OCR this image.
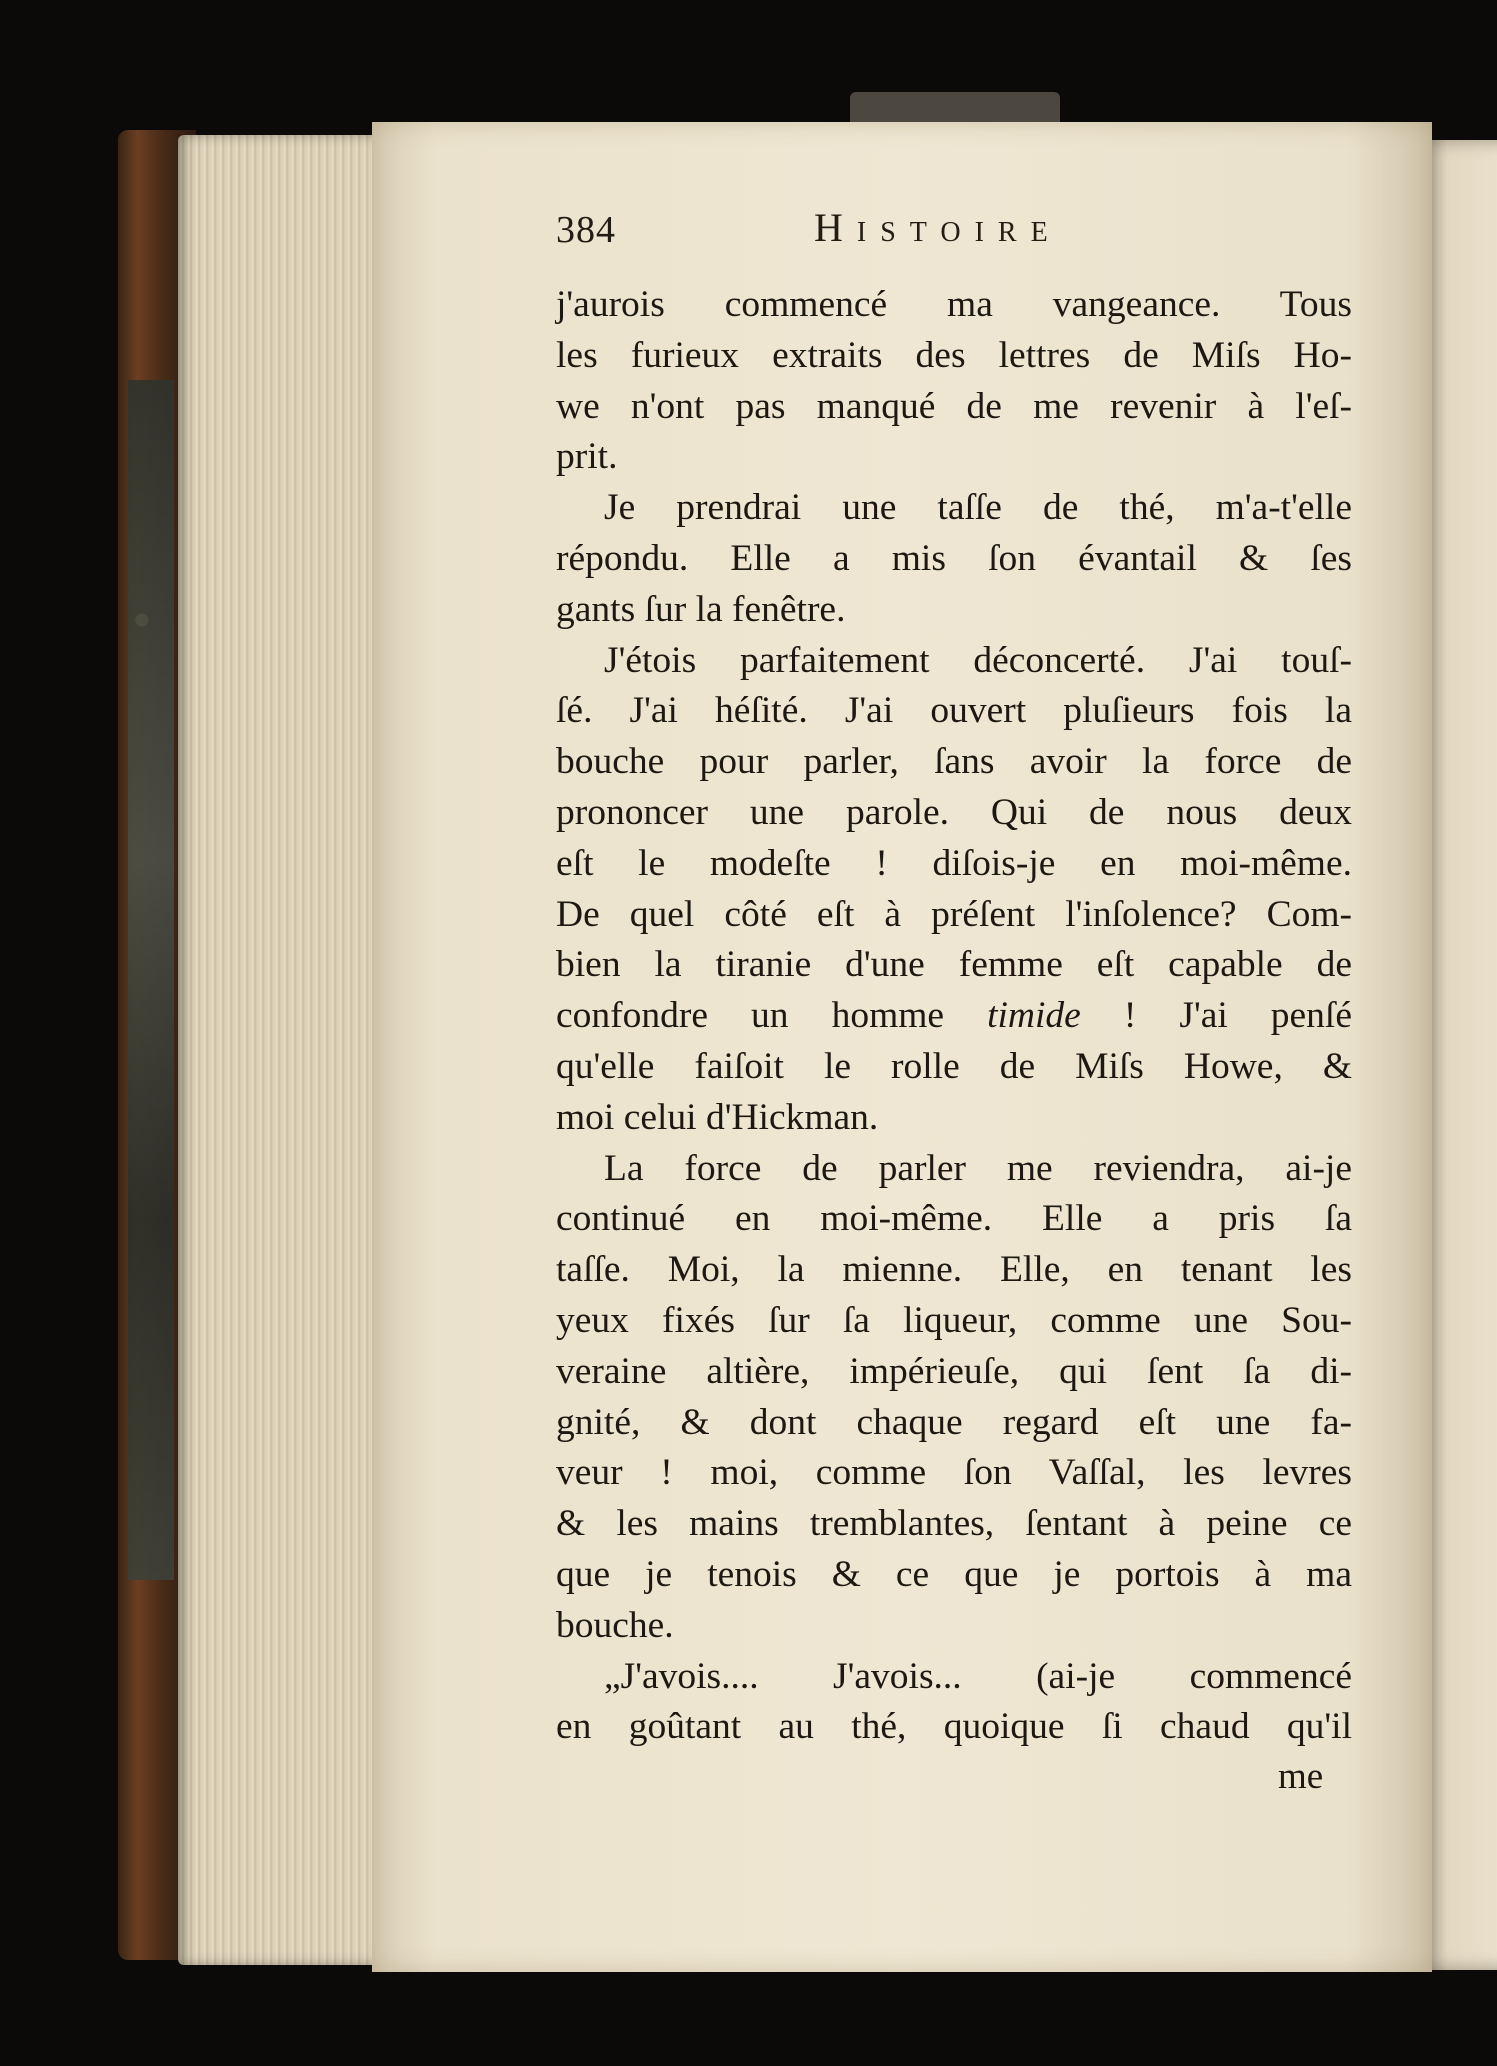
384	Histoire
j'aurois commencé ma vangeance. Tous
les furieux extraits des lettres de Miſs Ho-
we n'ont pas manqué de me revenir à l'eſ-
prit.
Je prendrai une taſſe de thé, m'a-t'elle
répondu. Elle a mis ſon évantail & ſes
gants ſur la fenêtre.
J'étois parfaitement déconcerté. J'ai touſ-
ſé. J'ai héſité. J'ai ouvert pluſieurs fois la
bouche pour parler, ſans avoir la force de
prononcer une parole. Qui de nous deux
eſt le modeſte ! diſois-je en moi-même.
De quel côté eſt à préſent l'inſolence? Com-
bien la tiranie d'une femme eſt capable de
confondre un homme timide ! J'ai penſé
qu'elle faiſoit le rolle de Miſs Howe, &
moi celui d'Hickman.
La force de parler me reviendra, ai-je
continué en moi-même. Elle a pris ſa
taſſe. Moi, la mienne. Elle, en tenant les
yeux fixés ſur ſa liqueur, comme une Sou-
veraine altière, impérieuſe, qui ſent ſa di-
gnité, & dont chaque regard eſt une fa-
veur ! moi, comme ſon Vaſſal, les levres
& les mains tremblantes, ſentant à peine ce
que je tenois & ce que je portois à ma
bouche.
„J'avois.... J'avois... (ai-je commencé
en goûtant au thé, quoique ſi chaud qu'il
me
